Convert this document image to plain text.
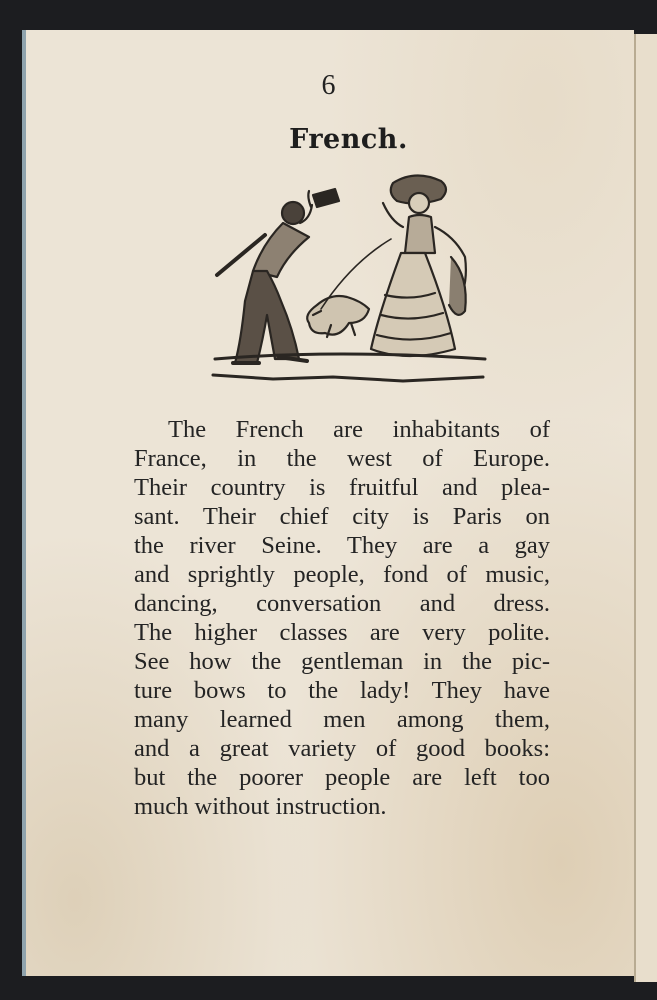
6
French.
The French are inhabitants of
France, in the west of Europe.
Their country is fruitful and plea-
sant. Their chief city is Paris on
the river Seine. They are a gay
and sprightly people, fond of music,
dancing, conversation and dress.
The higher classes are very polite.
See how the gentleman in the pic-
ture bows to the lady! They have
many learned men among them,
and a great variety of good books:
but the poorer people are left too
much without instruction.
